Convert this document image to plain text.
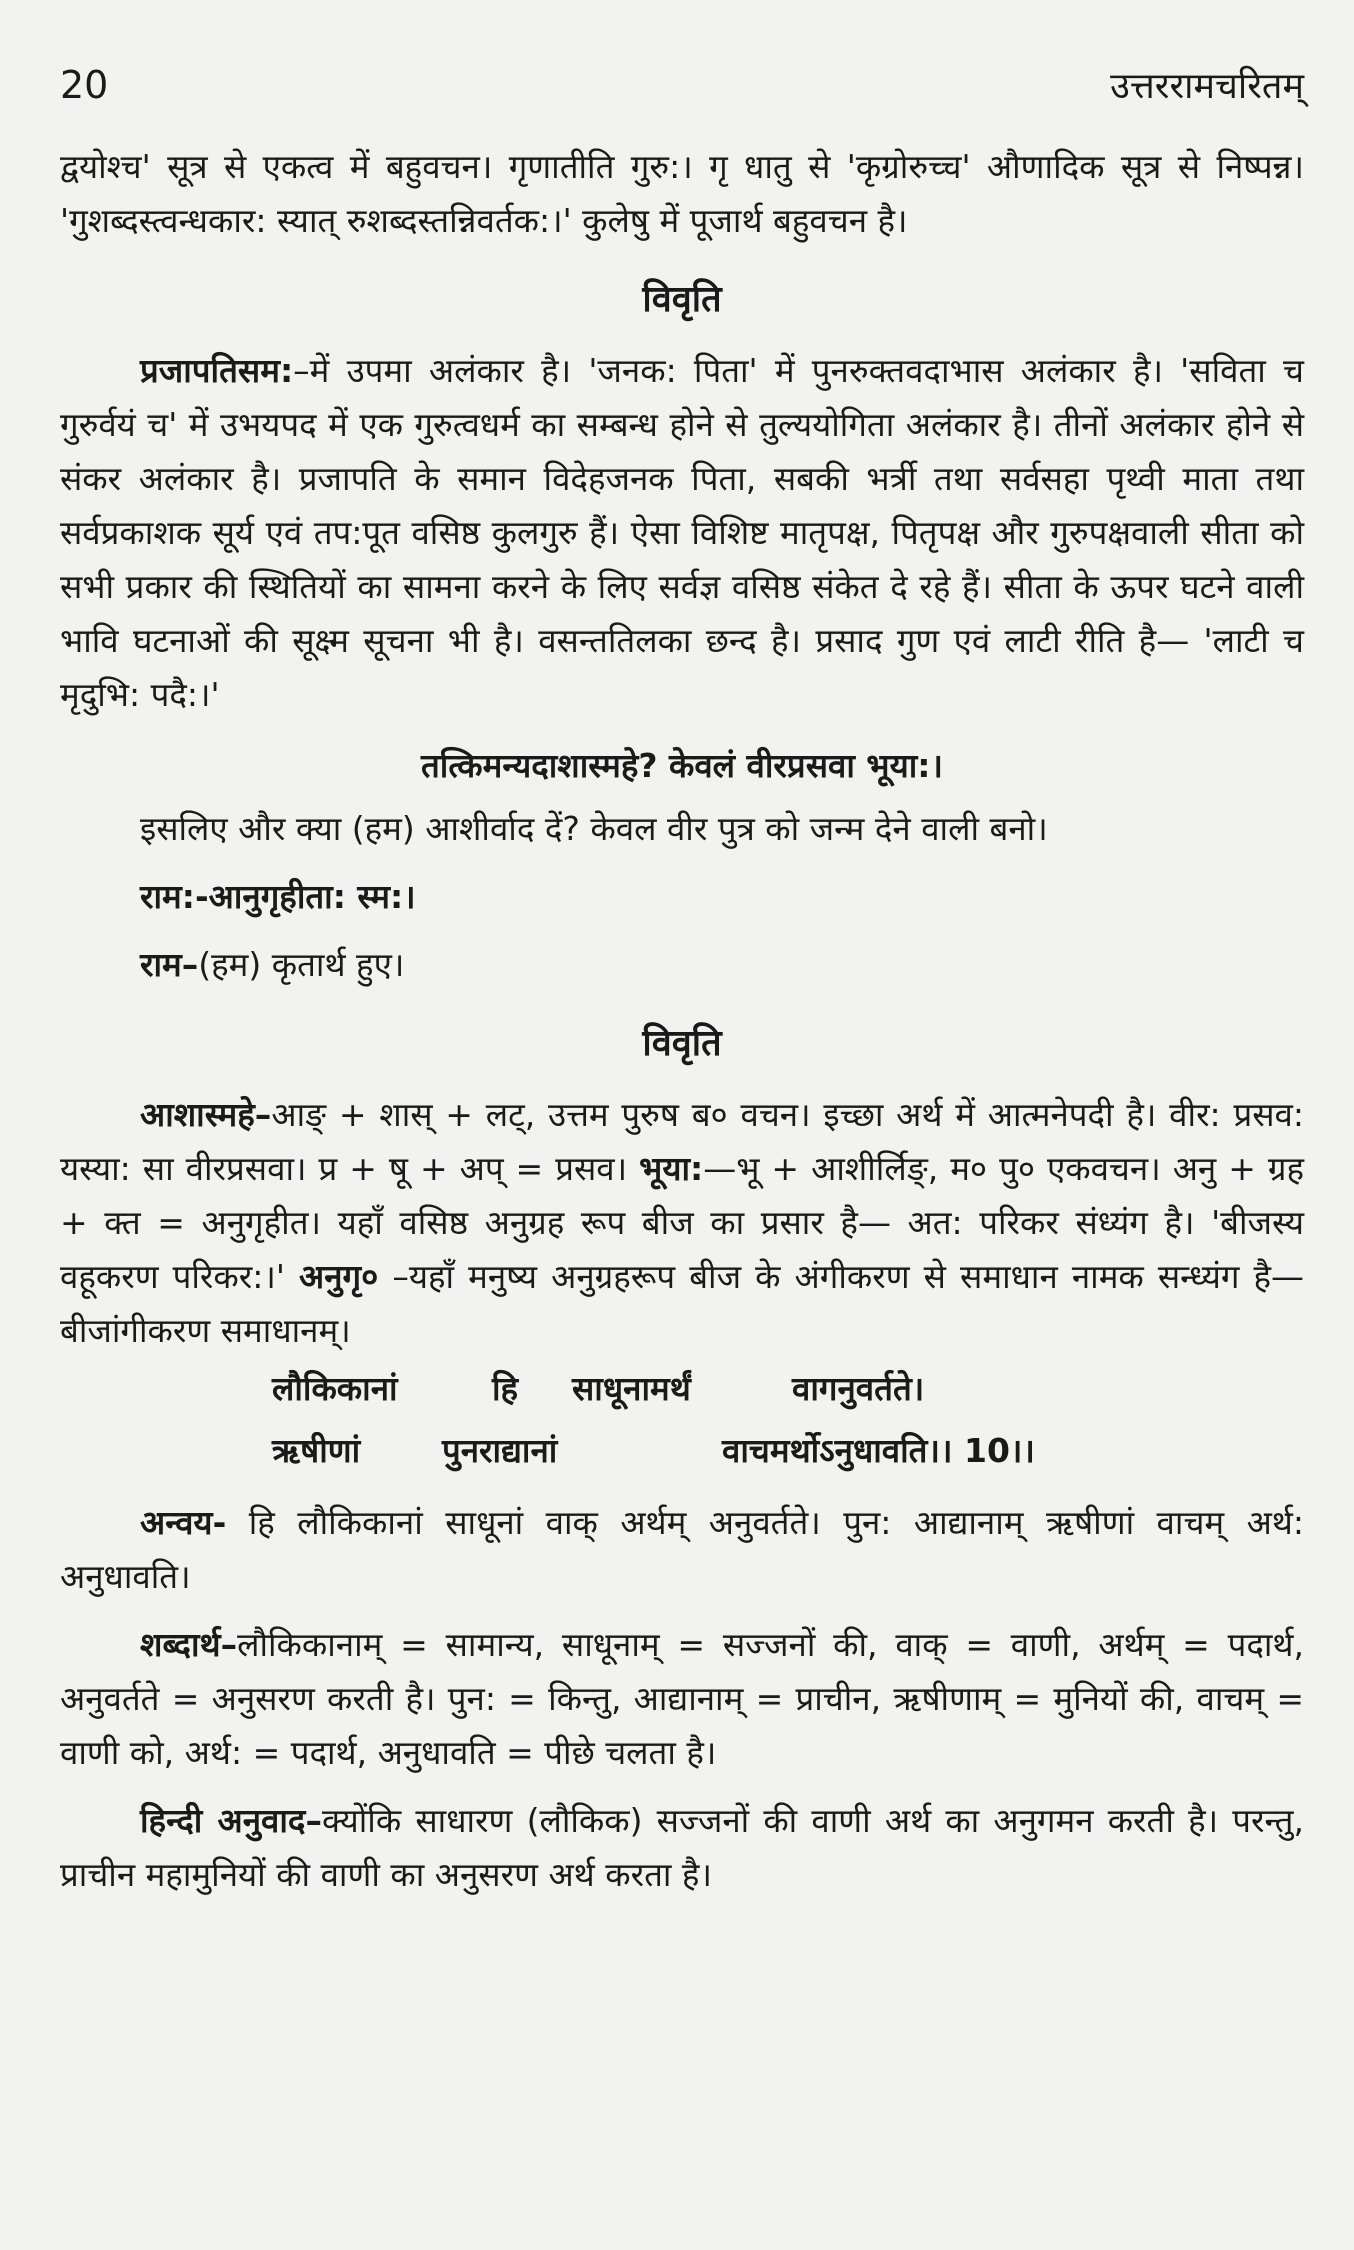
20	उत्तररामचरितम्

द्वयोश्च' सूत्र से एकत्व में बहुवचन। गृणातीति गुरु:। गृ धातु से 'कृग्रोरुच्च' औणादिक सूत्र से निष्पन्न। 'गुशब्दस्त्वन्धकार: स्यात् रुशब्दस्तन्निवर्तक:।' कुलेषु में पूजार्थ बहुवचन है।

विवृति

प्रजापतिसम:–में उपमा अलंकार है। 'जनक: पिता' में पुनरुक्तवदाभास अलंकार है। 'सविता च गुरुर्वयं च' में उभयपद में एक गुरुत्वधर्म का सम्बन्ध होने से तुल्ययोगिता अलंकार है। तीनों अलंकार होने से संकर अलंकार है। प्रजापति के समान विदेहजनक पिता, सबकी भर्त्री तथा सर्वसहा पृथ्वी माता तथा सर्वप्रकाशक सूर्य एवं तप:पूत वसिष्ठ कुलगुरु हैं। ऐसा विशिष्ट मातृपक्ष, पितृपक्ष और गुरुपक्षवाली सीता को सभी प्रकार की स्थितियों का सामना करने के लिए सर्वज्ञ वसिष्ठ संकेत दे रहे हैं। सीता के ऊपर घटने वाली भावि घटनाओं की सूक्ष्म सूचना भी है। वसन्ततिलका छन्द है। प्रसाद गुण एवं लाटी रीति है— 'लाटी च मृदुभि: पदै:।'

तत्किमन्यदाशास्महे? केवलं वीरप्रसवा भूया:।

इसलिए और क्या (हम) आशीर्वाद दें? केवल वीर पुत्र को जन्म देने वाली बनो।

राम:-आनुगृहीता: स्म:।

राम–(हम) कृतार्थ हुए।

विवृति

आशास्महे–आङ् + शास् + लट्, उत्तम पुरुष ब० वचन। इच्छा अर्थ में आत्मनेपदी है। वीर: प्रसव: यस्या: सा वीरप्रसवा। प्र + षू + अप् = प्रसव। भूया:—भू + आशीर्लिङ्, म० पु० एकवचन। अनु + ग्रह + क्त = अनुगृहीत। यहाँ वसिष्ठ अनुग्रह रूप बीज का प्रसार है— अत: परिकर संध्यंग है। 'बीजस्य वहूकरण परिकर:।' अनुगृ० –यहाँ मनुष्य अनुग्रहरूप बीज के अंगीकरण से समाधान नामक सन्ध्यंग है—बीजांगीकरण समाधानम्।

लौकिकानां	हि साधूनामर्थं	वागनुवर्तते।
ऋषीणां पुनराद्यानां	वाचमर्थोऽनुधावति।। 10।।

अन्वय- हि लौकिकानां साधूनां वाक् अर्थम् अनुवर्तते। पुन: आद्यानाम् ऋषीणां वाचम् अर्थ: अनुधावति।

शब्दार्थ–लौकिकानाम् = सामान्य, साधूनाम् = सज्जनों की, वाक् = वाणी, अर्थम् = पदार्थ, अनुवर्तते = अनुसरण करती है। पुन: = किन्तु, आद्यानाम् = प्राचीन, ऋषीणाम् = मुनियों की, वाचम् = वाणी को, अर्थ: = पदार्थ, अनुधावति = पीछे चलता है।

हिन्दी अनुवाद–क्योंकि साधारण (लौकिक) सज्जनों की वाणी अर्थ का अनुगमन करती है। परन्तु, प्राचीन महामुनियों की वाणी का अनुसरण अर्थ करता है।
